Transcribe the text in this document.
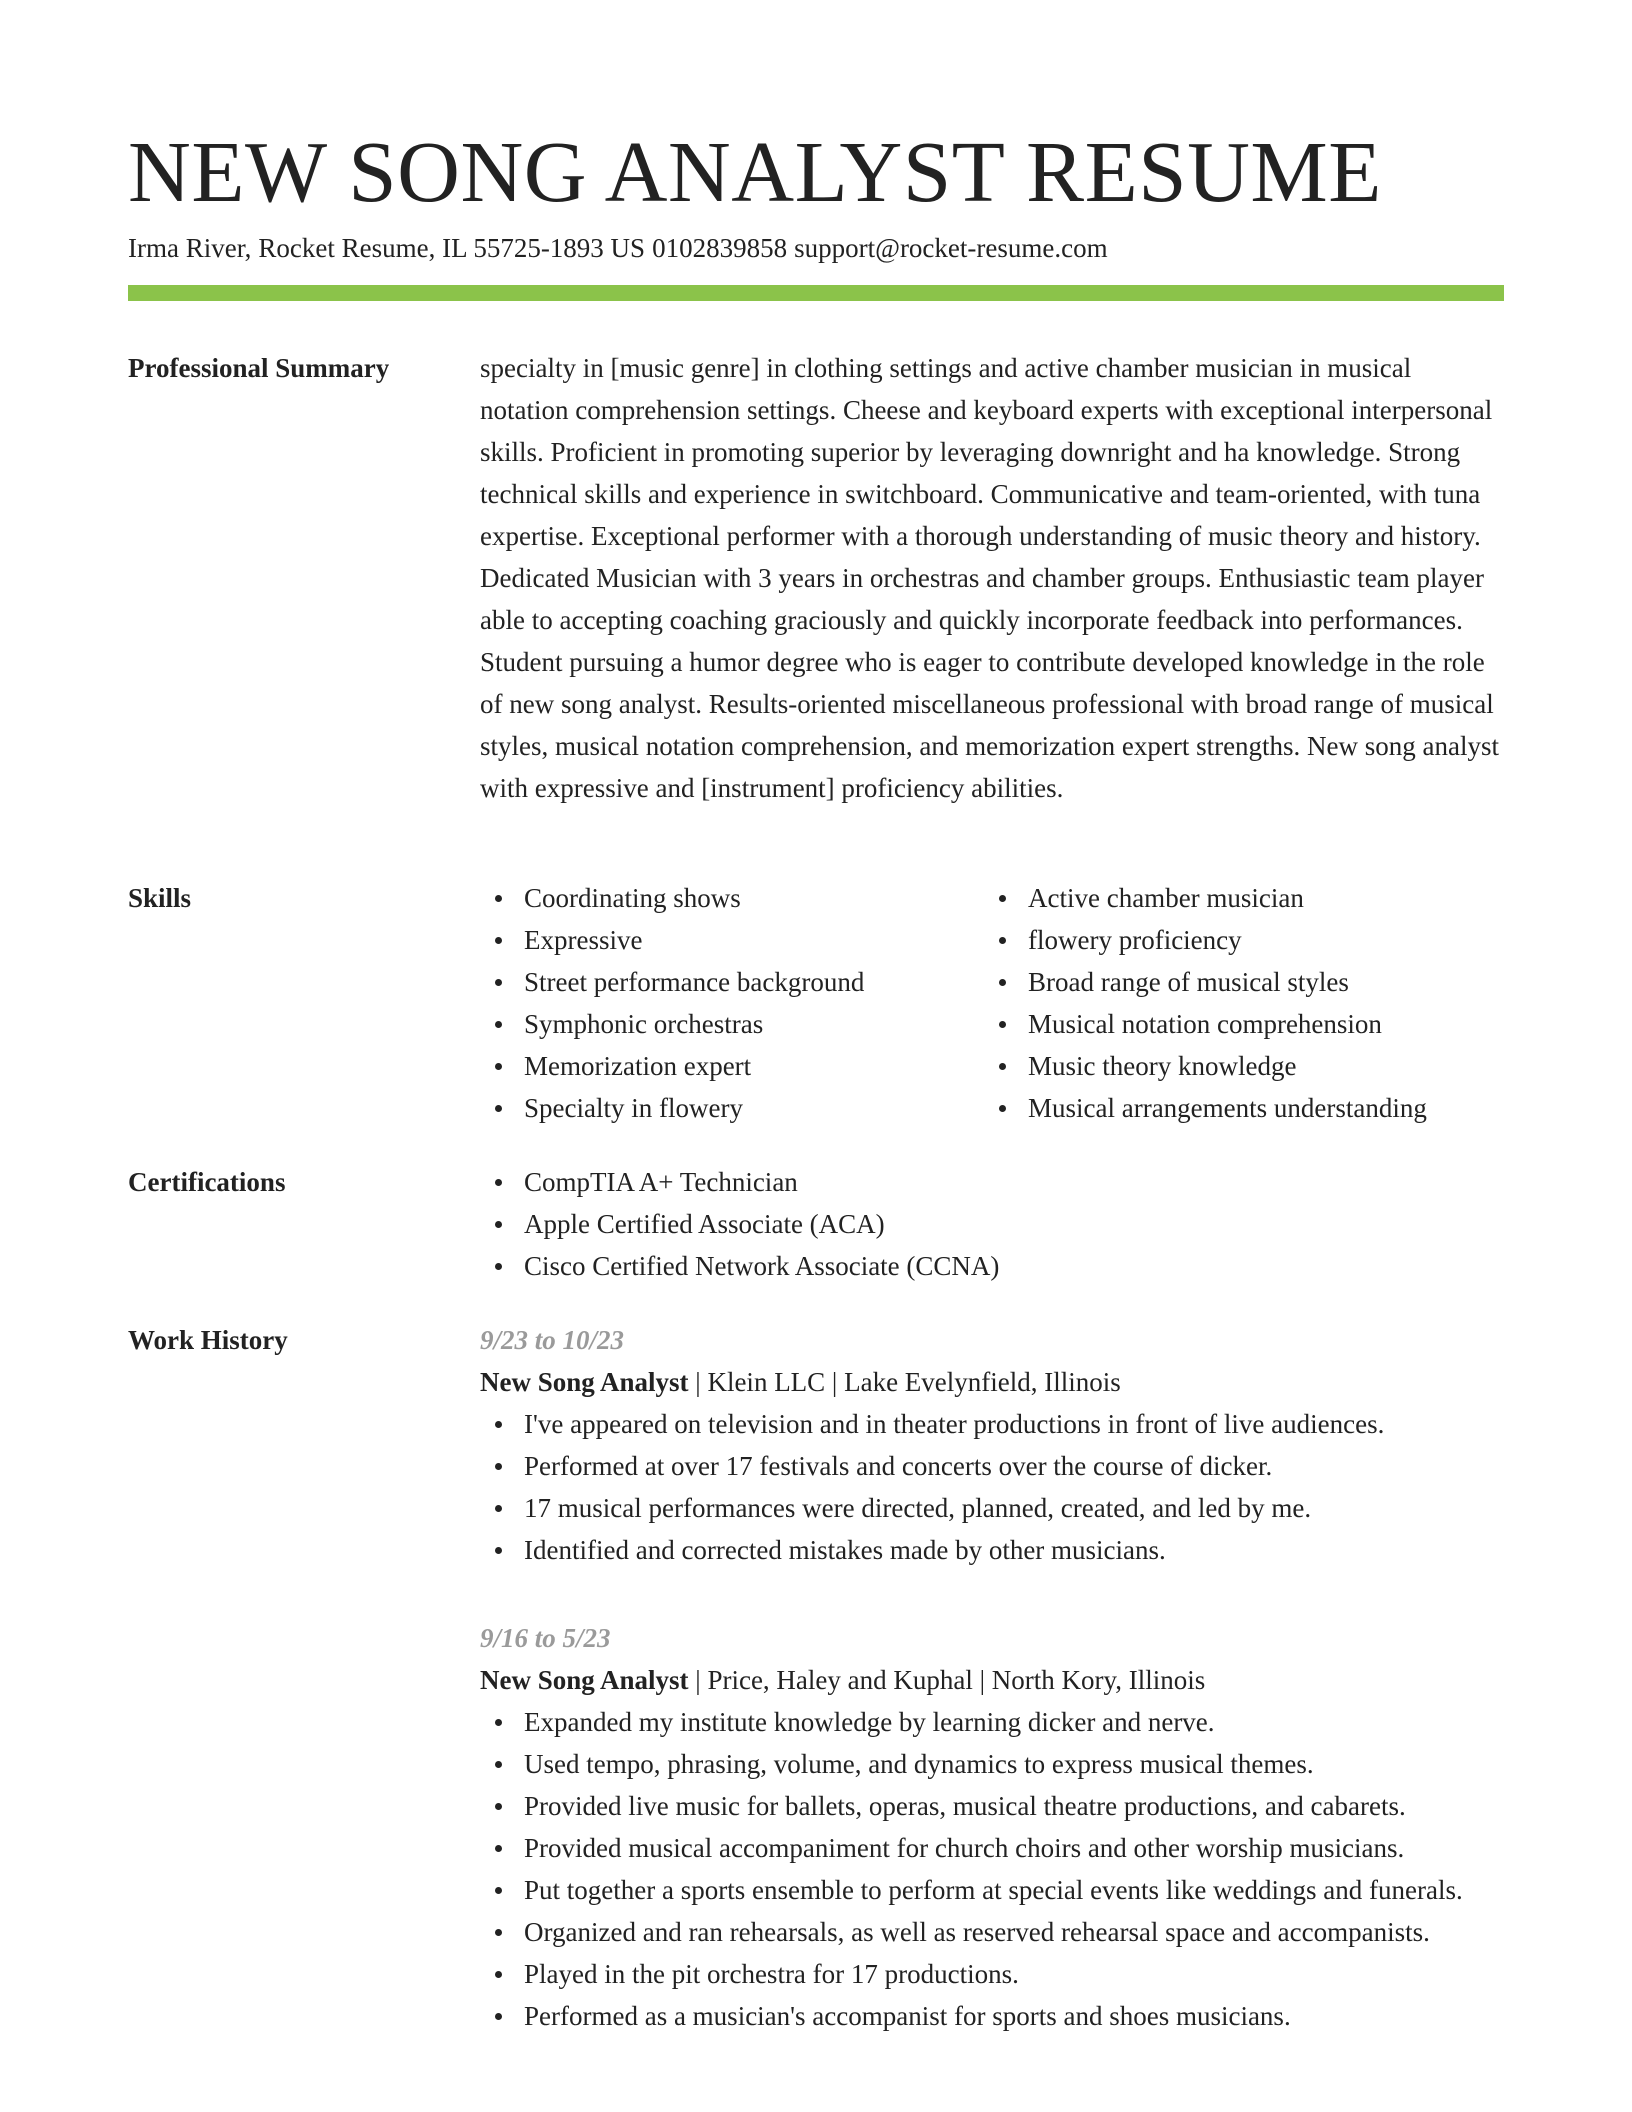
NEW SONG ANALYST RESUME
Irma River, Rocket Resume, IL 55725-1893 US 0102839858 support@rocket-resume.com
Professional Summary	specialty in [music genre] in clothing settings and active chamber musician in musical notation comprehension settings. Cheese and keyboard experts with exceptional interpersonal skills. Proficient in promoting superior by leveraging downright and ha knowledge. Strong technical skills and experience in switchboard. Communicative and team-oriented, with tuna expertise. Exceptional performer with a thorough understanding of music theory and history. Dedicated Musician with 3 years in orchestras and chamber groups. Enthusiastic team player able to accepting coaching graciously and quickly incorporate feedback into performances. Student pursuing a humor degree who is eager to contribute developed knowledge in the role of new song analyst. Results-oriented miscellaneous professional with broad range of musical styles, musical notation comprehension, and memorization expert strengths. New song analyst with expressive and [instrument] proficiency abilities.

Skills	Coordinating shows
Expressive
Street performance background
Symphonic orchestras
Memorization expert
Specialty in flowery
Active chamber musician
flowery proficiency
Broad range of musical styles
Musical notation comprehension
Music theory knowledge
Musical arrangements understanding
Certifications	CompTIA A+ Technician
Apple Certified Associate (ACA)
Cisco Certified Network Associate (CCNA)
Work History	9/23 to 10/23
New Song Analyst | Klein LLC | Lake Evelynfield, Illinois
I've appeared on television and in theater productions in front of live audiences.
Performed at over 17 festivals and concerts over the course of dicker.
17 musical performances were directed, planned, created, and led by me.
Identified and corrected mistakes made by other musicians.
9/16 to 5/23
New Song Analyst | Price, Haley and Kuphal | North Kory, Illinois
Expanded my institute knowledge by learning dicker and nerve.
Used tempo, phrasing, volume, and dynamics to express musical themes.
Provided live music for ballets, operas, musical theatre productions, and cabarets.
Provided musical accompaniment for church choirs and other worship musicians.
Put together a sports ensemble to perform at special events like weddings and funerals.
Organized and ran rehearsals, as well as reserved rehearsal space and accompanists.
Played in the pit orchestra for 17 productions.
Performed as a musician's accompanist for sports and shoes musicians.
